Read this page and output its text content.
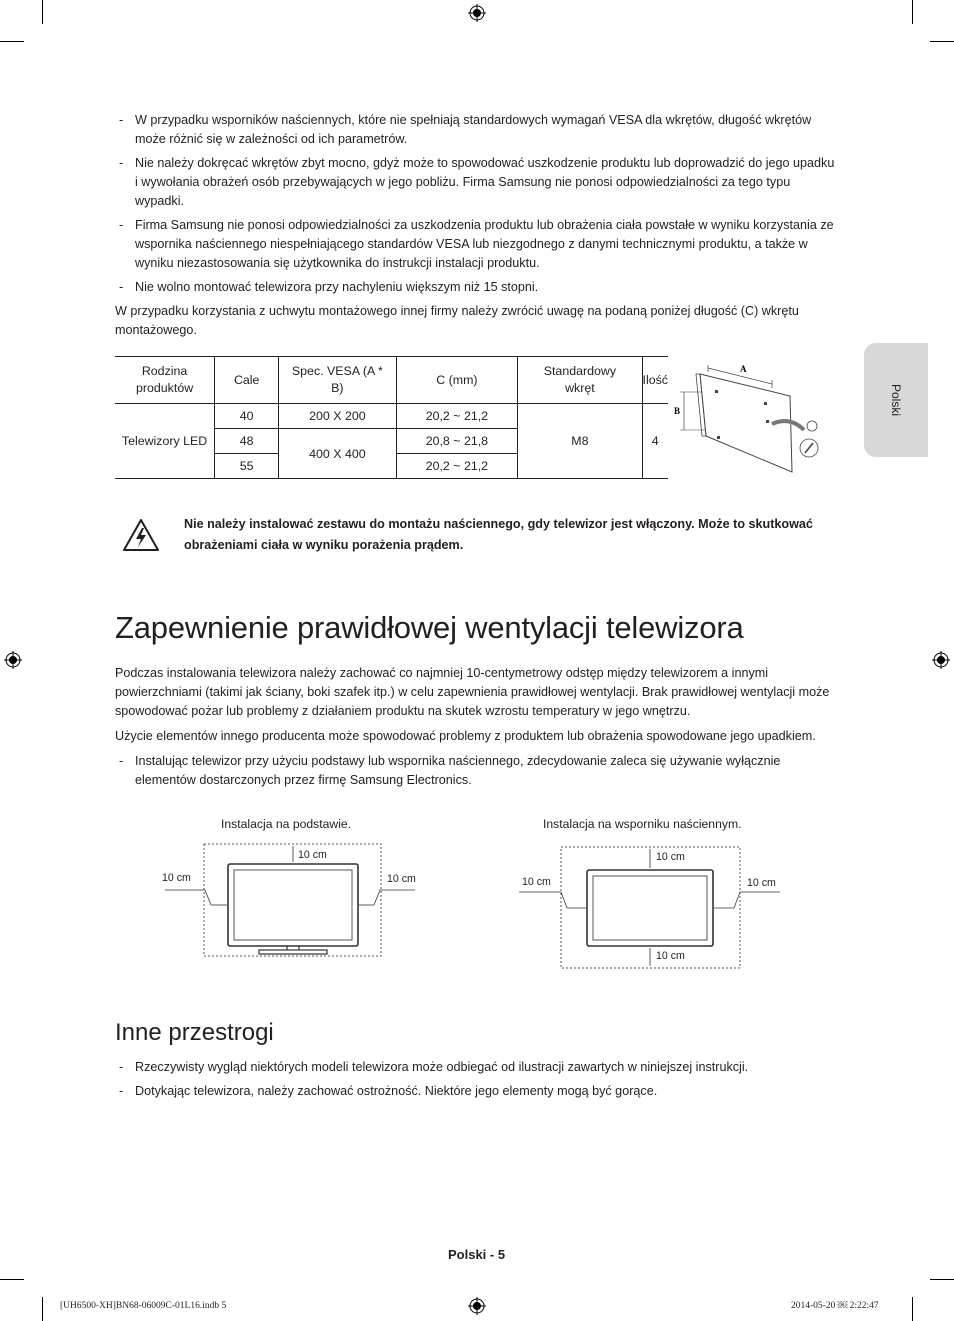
- W przypadku wsporników naściennych, które nie spełniają standardowych wymagań VESA dla wkrętów, długość wkrętów może różnić się w zależności od ich parametrów.
- Nie należy dokręcać wkrętów zbyt mocno, gdyż może to spowodować uszkodzenie produktu lub doprowadzić do jego upadku i wywołania obrażeń osób przebywających w jego pobliżu. Firma Samsung nie ponosi odpowiedzialności za tego typu wypadki.
- Firma Samsung nie ponosi odpowiedzialności za uszkodzenia produktu lub obrażenia ciała powstałe w wyniku korzystania ze wspornika naściennego niespełniającego standardów VESA lub niezgodnego z danymi technicznymi produktu, a także w wyniku niezastosowania się użytkownika do instrukcji instalacji produktu.
- Nie wolno montować telewizora przy nachyleniu większym niż 15 stopni.

W przypadku korzystania z uchwytu montażowego innej firmy należy zwrócić uwagę na podaną poniżej długość (C) wkrętu montażowego.

Rodzina produktów	Cale	Spec. VESA (A * B)	C (mm)	Standardowy wkręt	Ilość
Telewizory LED	40	200 X 200	20,2 ~ 21,2	M8	4
	48	400 X 400	20,8 ~ 21,8		
	55		20,2 ~ 21,2		
A
B	Polski
Nie należy instalować zestawu do montażu naściennego, gdy telewizor jest włączony. Może to skutkować obrażeniami ciała w wyniku porażenia prądem.
Zapewnienie prawidłowej wentylacji telewizora

Podczas instalowania telewizora należy zachować co najmniej 10-centymetrowy odstęp między telewizorem a innymi powierzchniami (takimi jak ściany, boki szafek itp.) w celu zapewnienia prawidłowej wentylacji. Brak prawidłowej wentylacji może spowodować pożar lub problemy z działaniem produktu na skutek wzrostu temperatury w jego wnętrzu.

Użycie elementów innego producenta może spowodować problemy z produktem lub obrażenia spowodowane jego upadkiem.

- Instalując telewizor przy użyciu podstawy lub wspornika naściennego, zdecydowanie zaleca się używanie wyłącznie elementów dostarczonych przez firmę Samsung Electronics.
Instalacja na podstawie.
10 cm
10 cm	10 cm
Instalacja na wsporniku naściennym.
10 cm
10 cm	10 cm
10 cm
Inne przestrogi
- Rzeczywisty wygląd niektórych modeli telewizora może odbiegać od ilustracji zawartych w niniejszej instrukcji.
- Dotykając telewizora, należy zachować ostrożność. Niektóre jego elementy mogą być gorące.
Polski - 5
[UH6500-XH]BN68-06009C-01L16.indb 5	2014-05-20 ￼ 2:22:47
